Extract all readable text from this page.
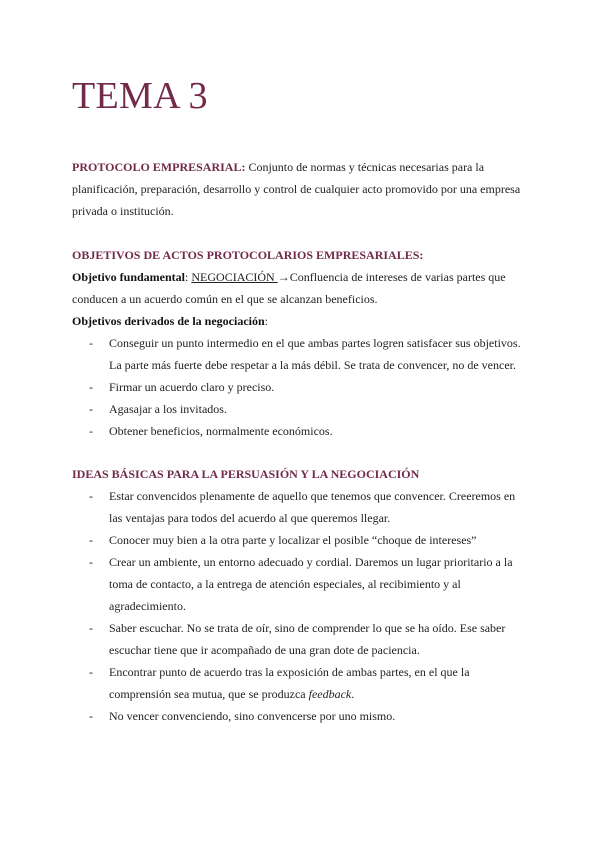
TEMA 3

PROTOCOLO EMPRESARIAL: Conjunto de normas y técnicas necesarias para la planificación, preparación, desarrollo y control de cualquier acto promovido por una empresa privada o institución.

OBJETIVOS DE ACTOS PROTOCOLARIOS EMPRESARIALES:

Objetivo fundamental: NEGOCIACIÓN →Confluencia de intereses de varias partes que conducen a un acuerdo común en el que se alcanzan beneficios.

Objetivos derivados de la negociación:

- Conseguir un punto intermedio en el que ambas partes logren satisfacer sus objetivos. La parte más fuerte debe respetar a la más débil. Se trata de convencer, no de vencer.
- Firmar un acuerdo claro y preciso.
- Agasajar a los invitados.
- Obtener beneficios, normalmente económicos.

IDEAS BÁSICAS PARA LA PERSUASIÓN Y LA NEGOCIACIÓN

- Estar convencidos plenamente de aquello que tenemos que convencer. Creeremos en las ventajas para todos del acuerdo al que queremos llegar.
- Conocer muy bien a la otra parte y localizar el posible “choque de intereses”
- Crear un ambiente, un entorno adecuado y cordial. Daremos un lugar prioritario a la toma de contacto, a la entrega de atención especiales, al recibimiento y al agradecimiento.
- Saber escuchar. No se trata de oír, sino de comprender lo que se ha oído. Ese saber escuchar tiene que ir acompañado de una gran dote de paciencia.
- Encontrar punto de acuerdo tras la exposición de ambas partes, en el que la comprensión sea mutua, que se produzca feedback.
- No vencer convenciendo, sino convencerse por uno mismo.
